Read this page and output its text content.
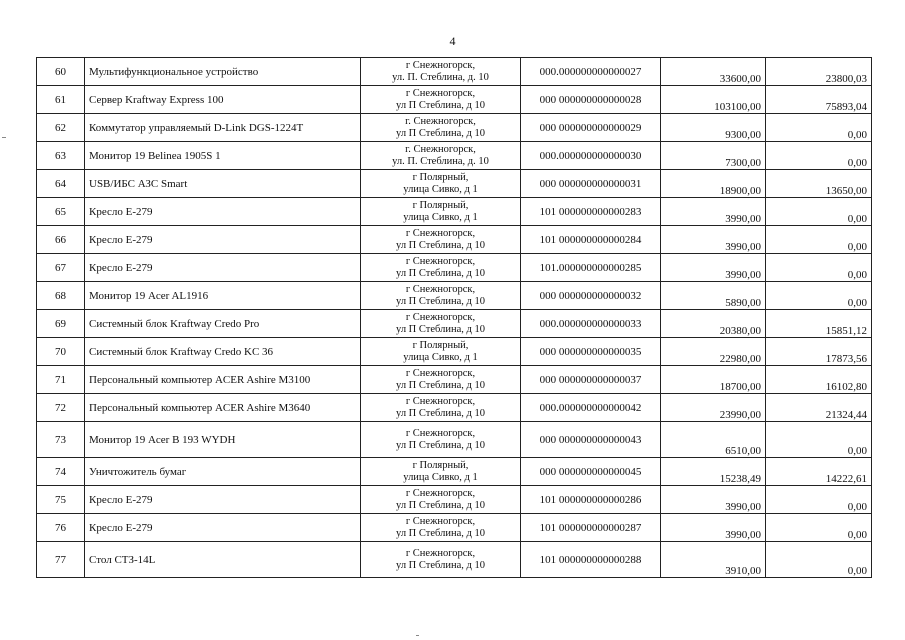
4
60	Мультифункциональное устройство	г Снежногорск,
ул. П. Стеблина, д. 10	000.000000000000027	33600,00	23800,03
61	Сервер Kraftway Express 100	г Снежногорск,
ул П Стеблина, д 10	000 000000000000028	103100,00	75893,04
62	Коммутатор управляемый D-Link DGS-1224T	г. Снежногорск,
ул П Стеблина, д 10	000 000000000000029	9300,00	0,00
63	Монитор 19 Belinea 1905S 1	г. Снежногорск,
ул. П. Стеблина, д. 10	000.000000000000030	7300,00	0,00
64	USB/ИБС АЗС Smart	г Полярный,
улица Сивко, д 1	000 000000000000031	18900,00	13650,00
65	Кресло Е-279	г Полярный,
улица Сивко, д 1	101 000000000000283	3990,00	0,00
66	Кресло Е-279	г Снежногорск,
ул П Стеблина, д 10	101 000000000000284	3990,00	0,00
67	Кресло Е-279	г Снежногорск,
ул П Стеблина, д 10	101.000000000000285	3990,00	0,00
68	Монитор 19 Acer AL1916	г Снежногорск,
ул П Стеблина, д 10	000 000000000000032	5890,00	0,00
69	Системный блок Kraftway Credo Pro	г Снежногорск,
ул П Стеблина, д 10	000.000000000000033	20380,00	15851,12
70	Системный блок Kraftway Credo KC 36	г Полярный,
улица Сивко, д 1	000 000000000000035	22980,00	17873,56
71	Персональный компьютер ACER Ashire M3100	г Снежногорск,
ул П Стеблина, д 10	000 000000000000037	18700,00	16102,80
72	Персональный компьютер ACER Ashire M3640	г Снежногорск,
ул П Стеблина, д 10	000.000000000000042	23990,00	21324,44
73	Монитор 19 Acer B 193 WYDH	г Снежногорск,
ул П Стеблина, д 10	000 000000000000043	6510,00	0,00
74	Уничтожитель бумаг	г Полярный,
улица Сивко, д 1	000 000000000000045	15238,49	14222,61
75	Кресло Е-279	г Снежногорск,
ул П Стеблина, д 10	101 000000000000286	3990,00	0,00
76	Кресло Е-279	г Снежногорск,
ул П Стеблина, д 10	101 000000000000287	3990,00	0,00
77	Стол СТЗ-14L	г Снежногорск,
ул П Стеблина, д 10	101 000000000000288	3910,00	0,00
